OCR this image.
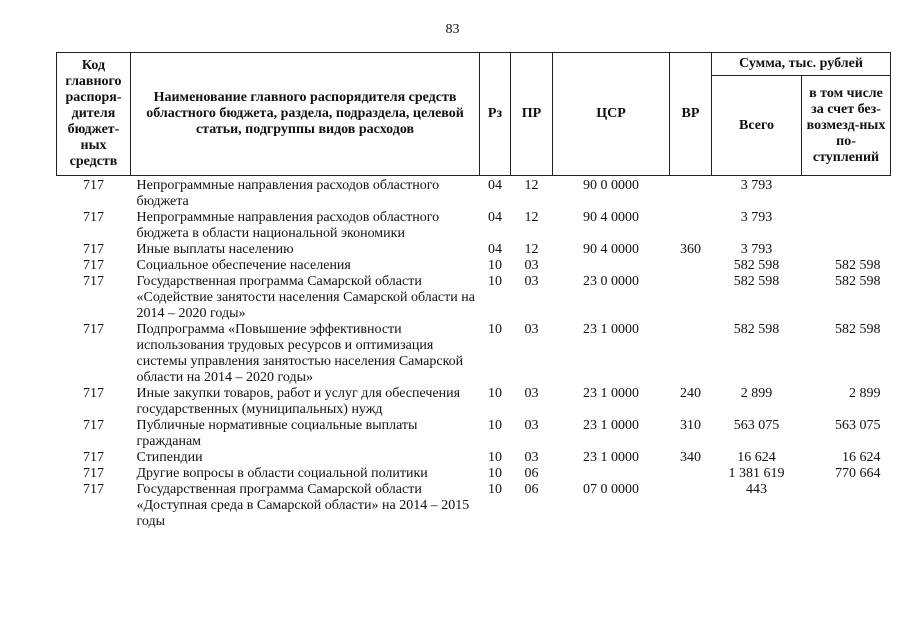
83
Код главного распоря-дителя бюджет-ных средств	Наименование главного распорядителя средств областного бюджета, раздела, подраздела, целевой статьи, подгруппы видов расходов	Рз	ПР	ЦСР	ВР	Сумма, тыс. рублей	
						Всего	в том числе за счет без-возмезд-ных по-ступлений
717	Непрограммные направления расходов областного бюджета	04	12	90 0 0000		3 793	
717	Непрограммные направления расходов областного бюджета в области национальной экономики	04	12	90 4 0000		3 793	
717	Иные выплаты населению	04	12	90 4 0000	360	3 793	
717	Социальное обеспечение населения	10	03			582 598	582 598
717	Государственная программа Самарской области «Содействие занятости населения Самарской области на 2014 – 2020 годы»	10	03	23 0 0000		582 598	582 598
717	Подпрограмма «Повышение эффективности использования трудовых ресурсов и оптимизация системы управления занятостью населения Самарской области на 2014 – 2020 годы»	10	03	23 1 0000		582 598	582 598
717	Иные закупки товаров, работ и услуг для обеспечения государственных (муниципальных) нужд	10	03	23 1 0000	240	2 899	2 899
717	Публичные нормативные социальные выплаты гражданам	10	03	23 1 0000	310	563 075	563 075
717	Стипендии	10	03	23 1 0000	340	16 624	16 624
717	Другие вопросы в области социальной политики	10	06			1 381 619	770 664
717	Государственная программа Самарской области «Доступная среда в Самарской области» на 2014 – 2015 годы	10	06	07 0 0000		443	
